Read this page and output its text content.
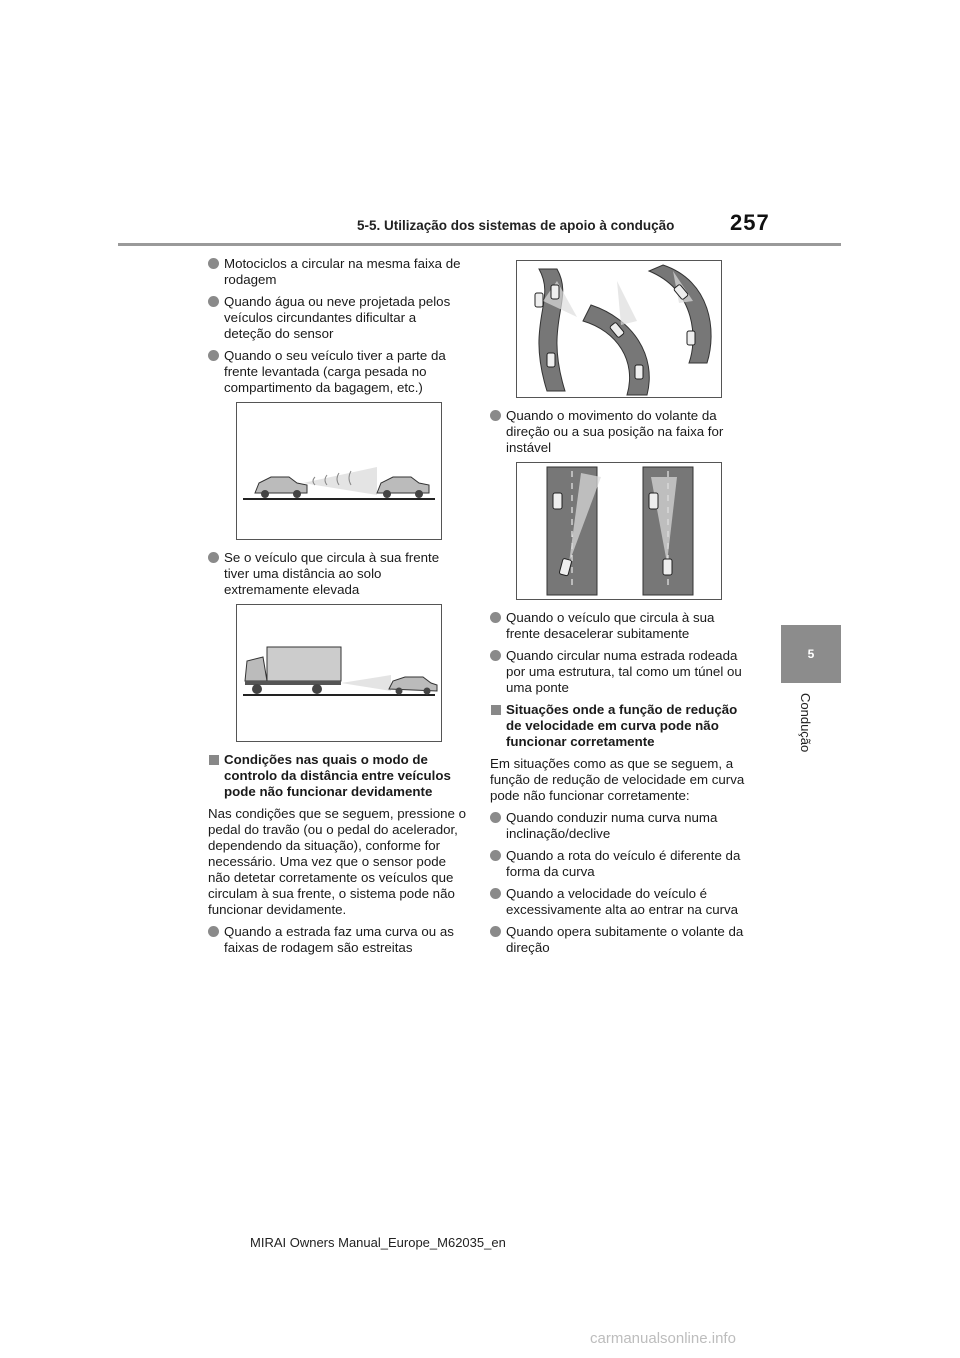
5-5. Utilização dos sistemas de apoio à condução	257
5
Condução
Motociclos a circular na mesma faixa de rodagem
Quando água ou neve projetada pelos veículos circundantes dificultar a deteção do sensor
Quando o seu veículo tiver a parte da frente levantada (carga pesada no compartimento da bagagem, etc.)
Se o veículo que circula à sua frente tiver uma distância ao solo extremamente elevada
Condições nas quais o modo de controlo da distância entre veículos pode não funcionar devidamente

Nas condições que se seguem, pressione o pedal do travão (ou o pedal do acelerador, dependendo da situação), conforme for necessário. Uma vez que o sensor pode não detetar corretamente os veículos que circulam à sua frente, o sistema pode não funcionar devidamente.

Quando a estrada faz uma curva ou as faixas de rodagem são estreitas
Quando o movimento do volante da direção ou a sua posição na faixa for instável
Quando o veículo que circula à sua frente desacelerar subitamente
Quando circular numa estrada rodeada por uma estrutura, tal como um túnel ou uma ponte
Situações onde a função de redução de velocidade em curva pode não funcionar corretamente

Em situações como as que se seguem, a função de redução de velocidade em curva pode não funcionar corretamente:

Quando conduzir numa curva numa inclinação/declive
Quando a rota do veículo é diferente da forma da curva
Quando a velocidade do veículo é excessivamente alta ao entrar na curva
Quando opera subitamente o volante da direção
MIRAI Owners Manual_Europe_M62035_en
carmanualsonline.info
